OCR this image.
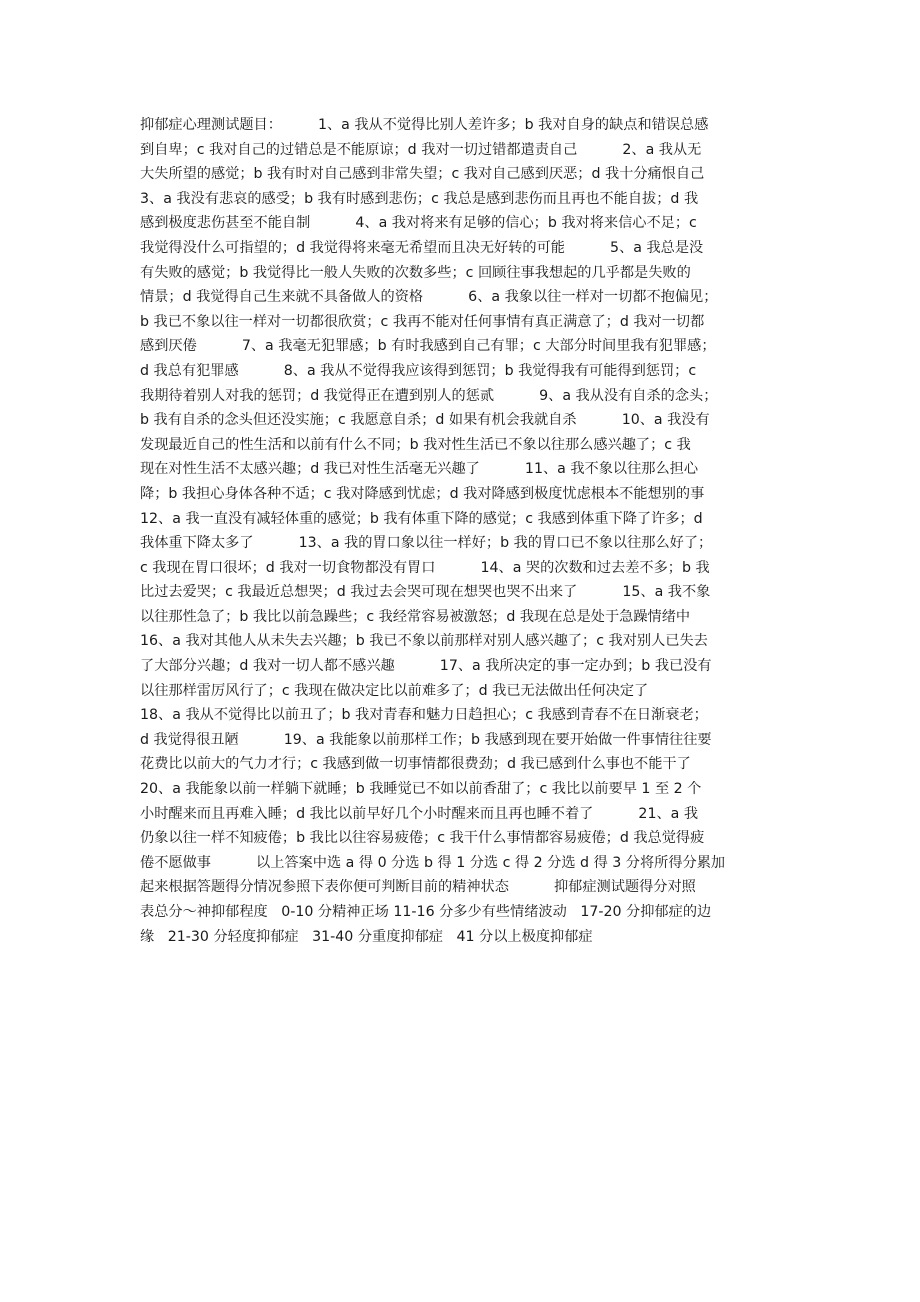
抑郁症心理测试题目：        1、a 我从不觉得比别人差许多；b 我对自身的缺点和错误总感
到自卑；c 我对自己的过错总是不能原谅；d 我对一切过错都遣责自己          2、a 我从无
大失所望的感觉；b 我有时对自己感到非常失望；c 我对自己感到厌恶；d 我十分痛恨自己
3、a 我没有悲哀的感受；b 我有时感到悲伤；c 我总是感到悲伤而且再也不能自拔；d 我
感到极度悲伤甚至不能自制          4、a 我对将来有足够的信心；b 我对将来信心不足；c
我觉得没什么可指望的；d 我觉得将来毫无希望而且决无好转的可能          5、a 我总是没
有失败的感觉；b 我觉得比一般人失败的次数多些；c 回顾往事我想起的几乎都是失败的
情景；d 我觉得自己生来就不具备做人的资格          6、a 我象以往一样对一切都不抱偏见；
b 我已不象以往一样对一切都很欣赏；c 我再不能对任何事情有真正满意了；d 我对一切都
感到厌倦          7、a 我毫无犯罪感；b 有时我感到自己有罪；c 大部分时间里我有犯罪感；
d 我总有犯罪感          8、a 我从不觉得我应该得到惩罚；b 我觉得我有可能得到惩罚；c
我期待着别人对我的惩罚；d 我觉得正在遭到别人的惩贰          9、a 我从没有自杀的念头；
b 我有自杀的念头但还没实施；c 我愿意自杀；d 如果有机会我就自杀          10、a 我没有
发现最近自己的性生活和以前有什么不同；b 我对性生活已不象以往那么感兴趣了；c 我
现在对性生活不太感兴趣；d 我已对性生活毫无兴趣了          11、a 我不象以往那么担心
降；b 我担心身体各种不适；c 我对降感到忧虑；d 我对降感到极度忧虑根本不能想别的事
12、a 我一直没有减轻体重的感觉；b 我有体重下降的感觉；c 我感到体重下降了许多；d
我体重下降太多了          13、a 我的胃口象以往一样好；b 我的胃口已不象以往那么好了；
c 我现在胃口很坏；d 我对一切食物都没有胃口          14、a 哭的次数和过去差不多；b 我
比过去爱哭；c 我最近总想哭；d 我过去会哭可现在想哭也哭不出来了          15、a 我不象
以往那性急了；b 我比以前急躁些；c 我经常容易被激怒；d 我现在总是处于急躁情绪中
16、a 我对其他人从未失去兴趣；b 我已不象以前那样对别人感兴趣了；c 我对别人已失去
了大部分兴趣；d 我对一切人都不感兴趣          17、a 我所决定的事一定办到；b 我已没有
以往那样雷厉风行了；c 我现在做决定比以前难多了；d 我已无法做出任何决定了
18、a 我从不觉得比以前丑了；b 我对青春和魅力日趋担心；c 我感到青春不在日渐衰老；
d 我觉得很丑陋          19、a 我能象以前那样工作；b 我感到现在要开始做一件事情往往要
花费比以前大的气力才行；c 我感到做一切事情都很费劲；d 我已感到什么事也不能干了
20、a 我能象以前一样躺下就睡；b 我睡觉已不如以前香甜了；c 我比以前要早 1 至 2 个
小时醒来而且再难入睡；d 我比以前早好几个小时醒来而且再也睡不着了          21、a 我
仍象以往一样不知疲倦；b 我比以往容易疲倦；c 我干什么事情都容易疲倦；d 我总觉得疲
倦不愿做事          以上答案中选 a 得 0 分选 b 得 1 分选 c 得 2 分选 d 得 3 分将所得分累加
起来根据答题得分情况参照下表你便可判断目前的精神状态          抑郁症测试题得分对照
表总分～神抑郁程度   0-10 分精神正场 11-16 分多少有些情绪波动   17-20 分抑郁症的边
缘   21-30 分轻度抑郁症   31-40 分重度抑郁症   41 分以上极度抑郁症
